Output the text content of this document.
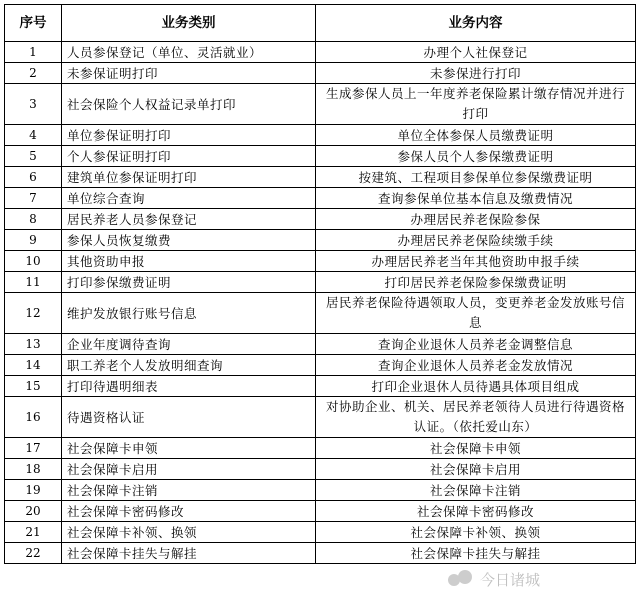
序号	业务类别	业务内容
1	人员参保登记（单位、灵活就业）	办理个人社保登记
2	未参保证明打印	未参保进行打印
3	社会保险个人权益记录单打印	生成参保人员上一年度养老保险累计缴存情况并进行打印
4	单位参保证明打印	单位全体参保人员缴费证明
5	个人参保证明打印	参保人员个人参保缴费证明
6	建筑单位参保证明打印	按建筑、工程项目参保单位参保缴费证明
7	单位综合查询	查询参保单位基本信息及缴费情况
8	居民养老人员参保登记	办理居民养老保险参保
9	参保人员恢复缴费	办理居民养老保险续缴手续
10	其他资助申报	办理居民养老当年其他资助申报手续
11	打印参保缴费证明	打印居民养老保险参保缴费证明
12	维护发放银行账号信息	居民养老保险待遇领取人员，变更养老金发放账号信息
13	企业年度调待查询	查询企业退休人员养老金调整信息
14	职工养老个人发放明细查询	查询企业退休人员养老金发放情况
15	打印待遇明细表	打印企业退休人员待遇具体项目组成
16	待遇资格认证	对协助企业、机关、居民养老领待人员进行待遇资格认证。（依托爱山东）
17	社会保障卡申领	社会保障卡申领
18	社会保障卡启用	社会保障卡启用
19	社会保障卡注销	社会保障卡注销
20	社会保障卡密码修改	社会保障卡密码修改
21	社会保障卡补领、换领	社会保障卡补领、换领
22	社会保障卡挂失与解挂	社会保障卡挂失与解挂
今日诸城
